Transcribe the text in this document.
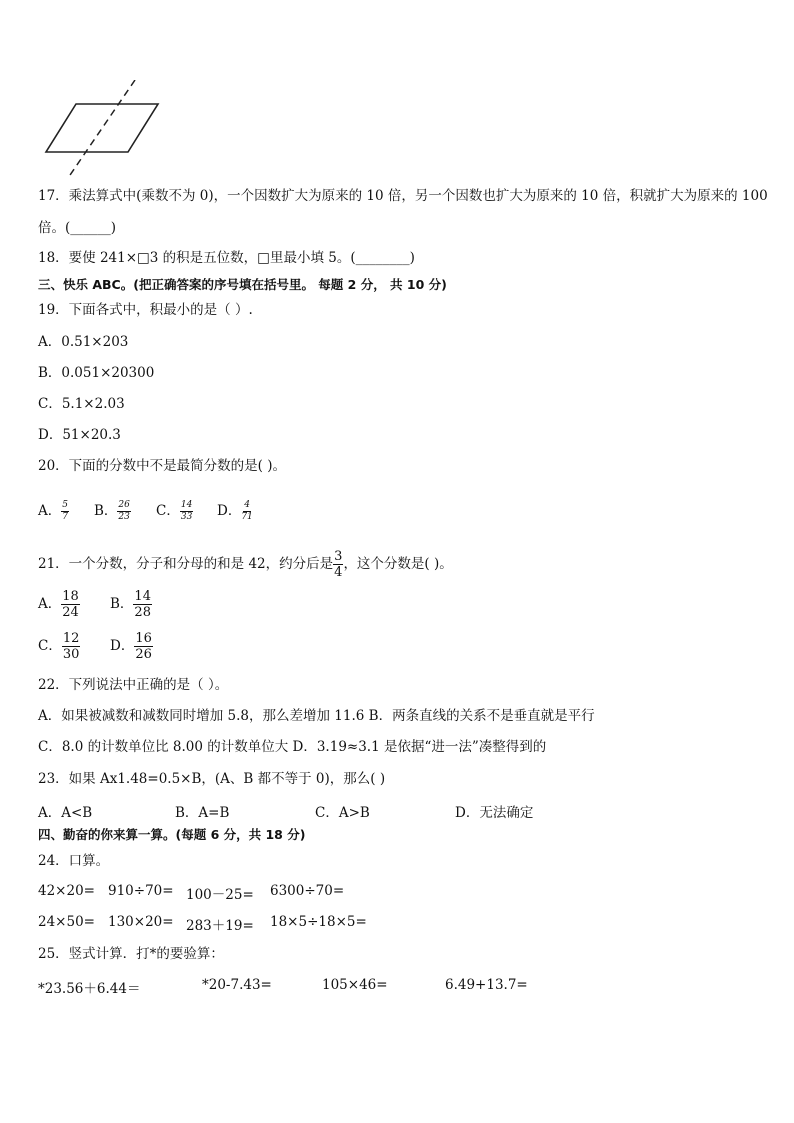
17．乘法算式中(乘数不为 0)，一个因数扩大为原来的 10 倍，另一个因数也扩大为原来的 10 倍，积就扩大为原来的 100
倍。(______)
18．要使 241×□3 的积是五位数，□里最小填 5。(________)
三、快乐 ABC。(把正确答案的序号填在括号里。 每题 2 分， 共 10 分)
19．下面各式中，积最小的是（ ）.
A．0.51×203
B．0.051×20300
C．5.1×2.03
D．51×20.3
20．下面的分数中不是最简分数的是( )。
A． $\frac{5}{7}$ B． $\frac{26}{23}$ C． $\frac{14}{33}$ D． $\frac{4}{71}$
21．一个分数，分子和分母的和是 42，约分后是 $\frac{3}{4}$ ，这个分数是( )。
A． $\frac{18}{24}$ B． $\frac{14}{28}$
C． $\frac{12}{30}$ D． $\frac{16}{26}$
22．下列说法中正确的是（ ）。
A．如果被减数和减数同时增加 5.8，那么差增加 11.6 B．两条直线的关系不是垂直就是平行
C．8.0 的计数单位比 8.00 的计数单位大 D．3.19≈3.1 是依据“进一法”凑整得到的
23．如果 Ax1.48=0.5×B，(A、B 都不等于 0)，那么( )
A．A<B	B．A=B	C．A>B	D．无法确定
四、勤奋的你来算一算。(每题 6 分，共 18 分)
24．口算。
42×20= 910÷70= 100－25= 6300÷70=
24×50= 130×20= 283＋19= 18×5÷18×5=
25．竖式计算．打*的要验算：
*23.56＋6.44＝	*20-7.43=	105×46=	6.49+13.7=
